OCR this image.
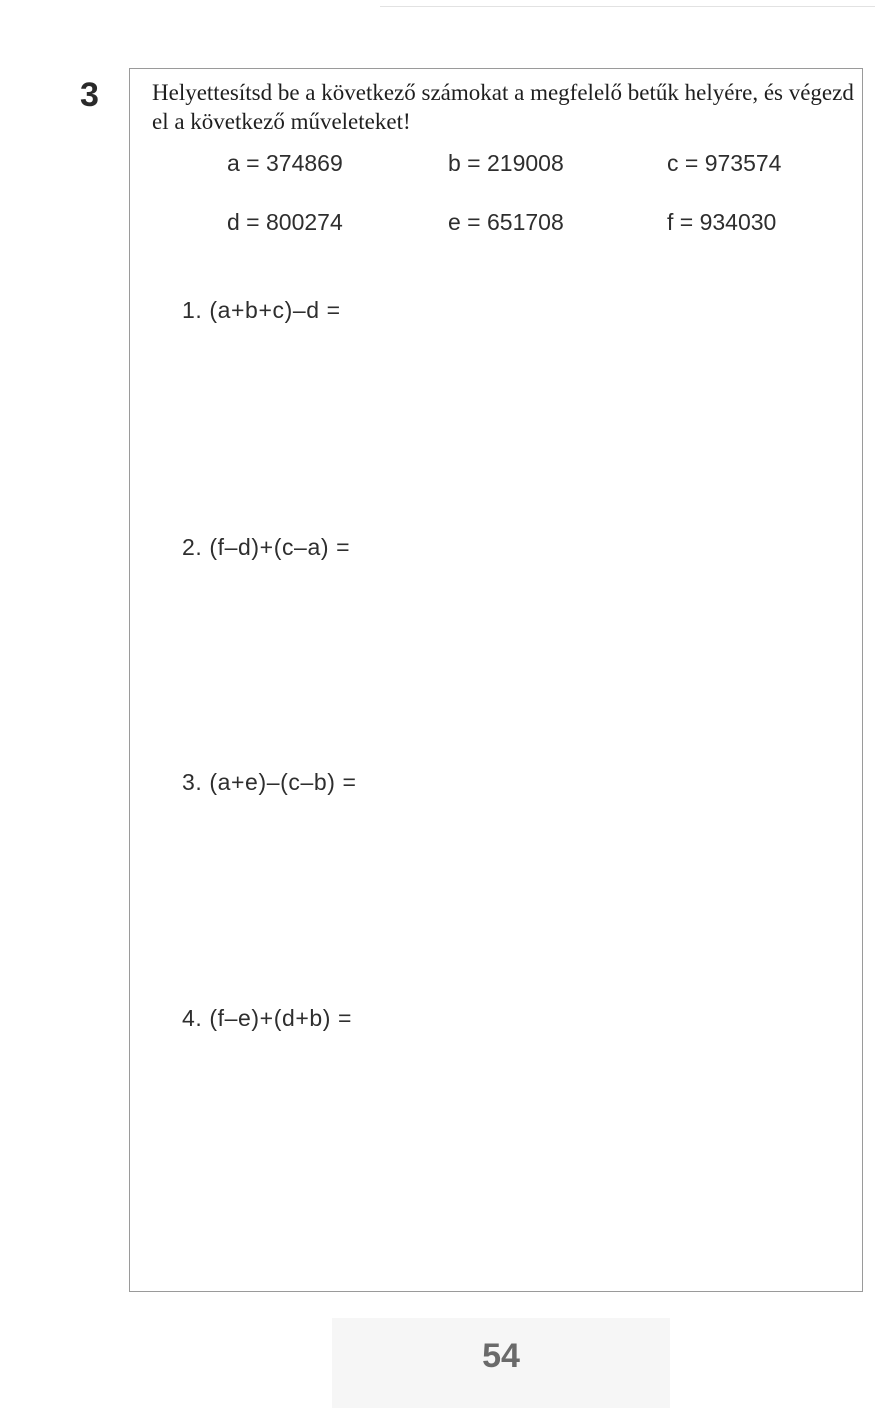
3 Helyettesítsd be a következő számokat a megfelelő betűk helyére, és végezd el a következő műveleteket!

a = 374869	b = 219008	c = 973574
d = 800274	e = 651708	f = 934030
1. (a+b+c)–d =
2. (f–d)+(c–a) =
3. (a+e)–(c–b) =
4. (f–e)+(d+b) =
54
